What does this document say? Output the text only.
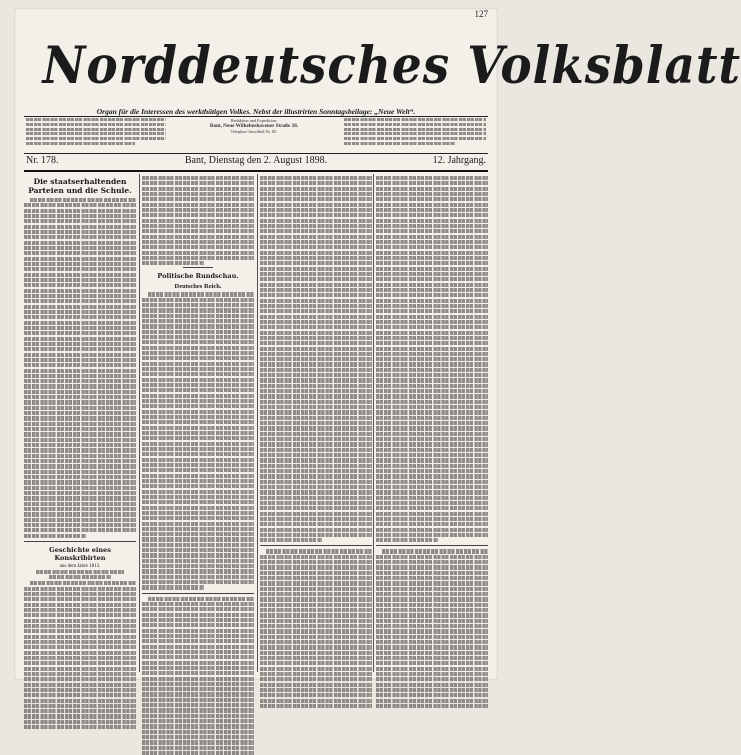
127
Norddeutsches Volksblatt
Organ für die Interessen des werkthätigen Volkes. Nebst der illustrirten Sonntagsbeilage: „Neue Welt“.
Redaktion und Expedition:
Bant, Neue Wilhelmshavener Straße 38.
Telephon-Anschluß Nr. 85.
Nr. 178.	Bant, Dienstag den 2. August 1898.	12. Jahrgang.
Die staatserhaltenden Parteien und die Schule.
Geschichte eines Konskribirten
aus dem Jahre 1813.
Politische Rundschau.
Deutsches Reich.
